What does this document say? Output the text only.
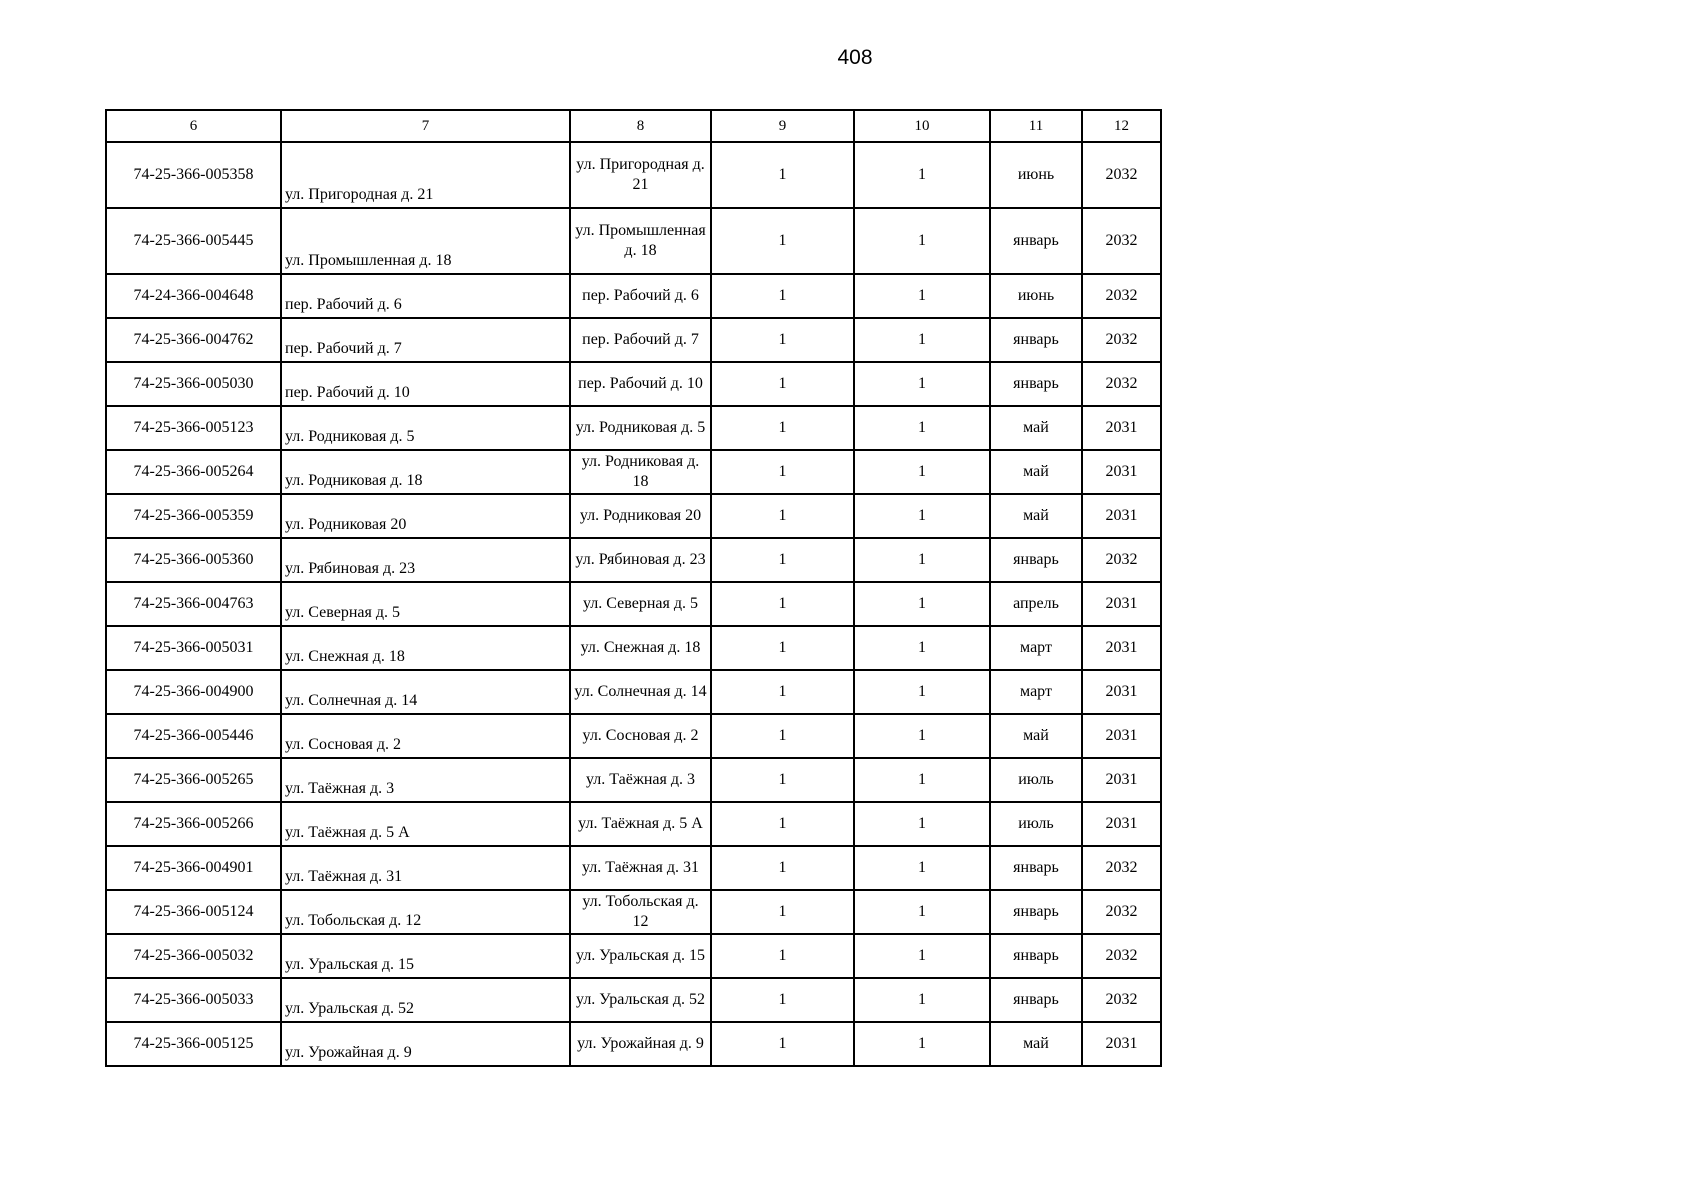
408
6	7	8	9	10	11	12
74-25-366-005358	ул. Пригородная д. 21	ул. Пригородная д. 21	1	1	июнь	2032
74-25-366-005445	ул. Промышленная д. 18	ул. Промышленная д. 18	1	1	январь	2032
74-24-366-004648	пер. Рабочий д. 6	пер. Рабочий д. 6	1	1	июнь	2032
74-25-366-004762	пер. Рабочий д. 7	пер. Рабочий д. 7	1	1	январь	2032
74-25-366-005030	пер. Рабочий д. 10	пер. Рабочий д. 10	1	1	январь	2032
74-25-366-005123	ул. Родниковая д. 5	ул. Родниковая д. 5	1	1	май	2031
74-25-366-005264	ул. Родниковая д. 18	ул. Родниковая д. 18	1	1	май	2031
74-25-366-005359	ул. Родниковая 20	ул. Родниковая 20	1	1	май	2031
74-25-366-005360	ул. Рябиновая д. 23	ул. Рябиновая д. 23	1	1	январь	2032
74-25-366-004763	ул. Северная д. 5	ул. Северная д. 5	1	1	апрель	2031
74-25-366-005031	ул. Снежная д. 18	ул. Снежная д. 18	1	1	март	2031
74-25-366-004900	ул. Солнечная д. 14	ул. Солнечная д. 14	1	1	март	2031
74-25-366-005446	ул. Сосновая д. 2	ул. Сосновая д. 2	1	1	май	2031
74-25-366-005265	ул. Таёжная д. 3	ул. Таёжная д. 3	1	1	июль	2031
74-25-366-005266	ул. Таёжная д. 5 А	ул. Таёжная д. 5 А	1	1	июль	2031
74-25-366-004901	ул. Таёжная д. 31	ул. Таёжная д. 31	1	1	январь	2032
74-25-366-005124	ул. Тобольская д. 12	ул. Тобольская д. 12	1	1	январь	2032
74-25-366-005032	ул. Уральская д. 15	ул. Уральская д. 15	1	1	январь	2032
74-25-366-005033	ул. Уральская д. 52	ул. Уральская д. 52	1	1	январь	2032
74-25-366-005125	ул. Урожайная д. 9	ул. Урожайная д. 9	1	1	май	2031
